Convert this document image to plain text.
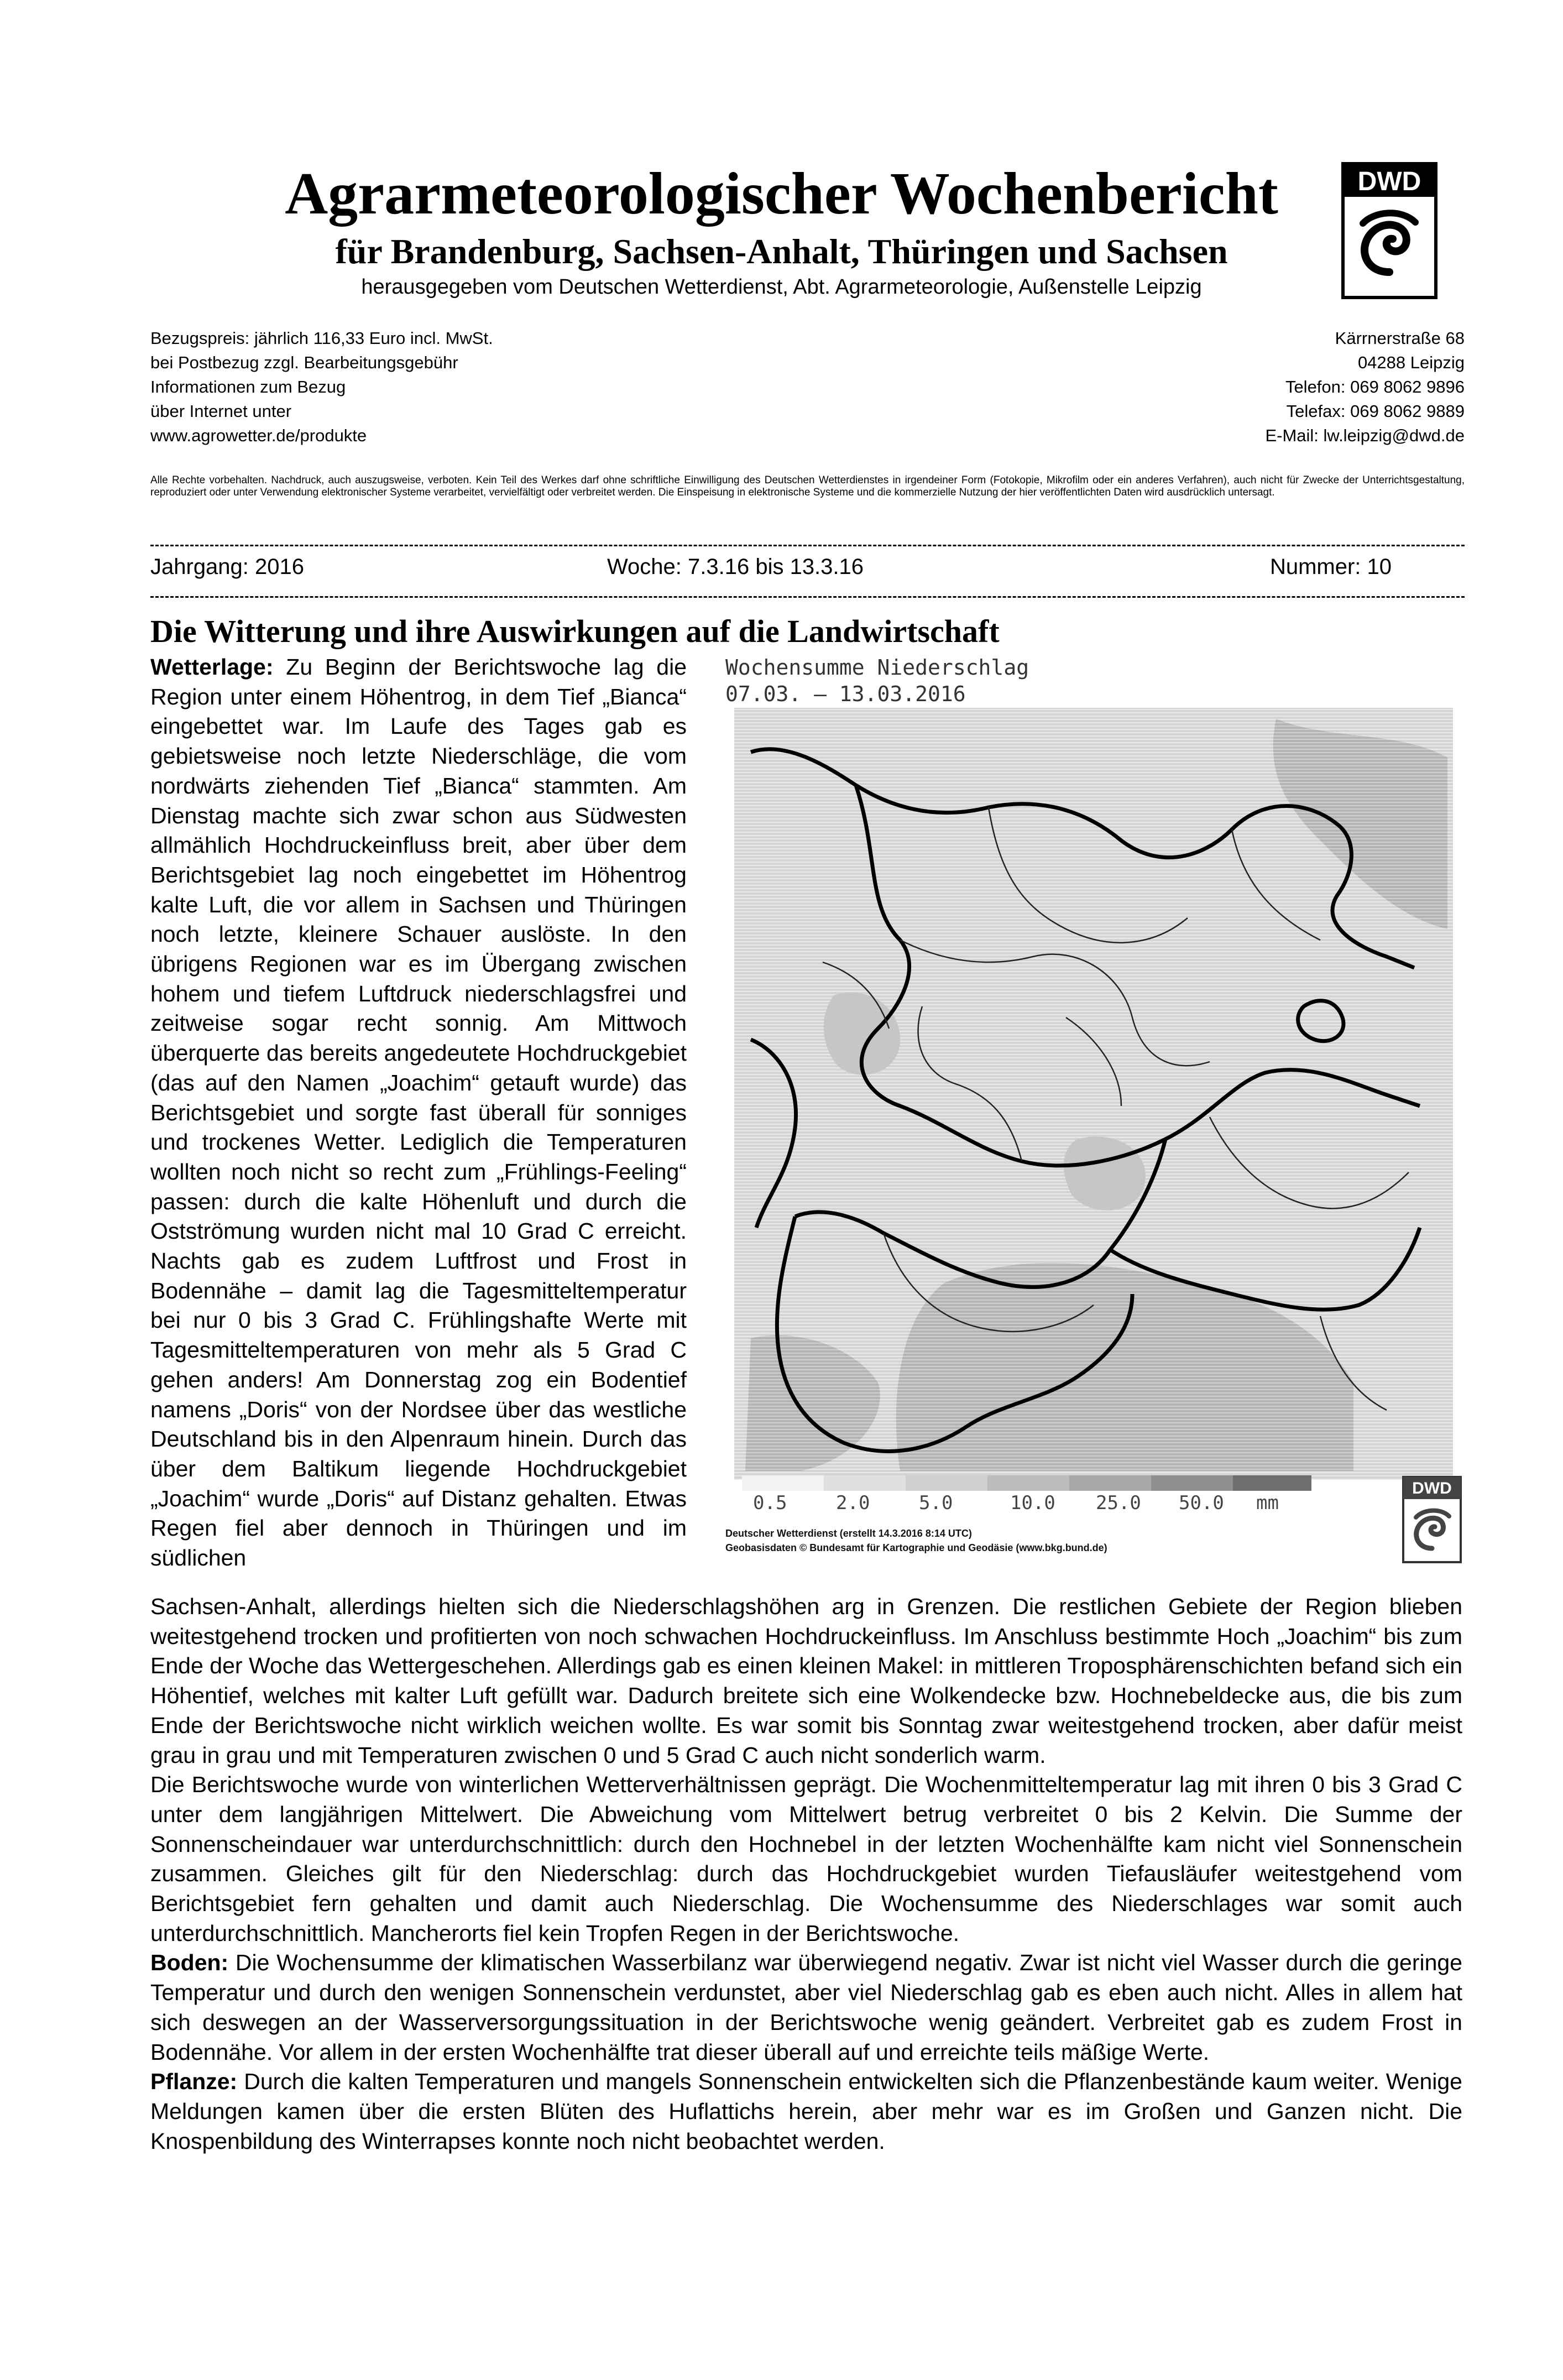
Agrarmeteorologischer Wochenbericht
für Brandenburg, Sachsen-Anhalt, Thüringen und Sachsen
herausgegeben vom Deutschen Wetterdienst, Abt. Agrarmeteorologie, Außenstelle Leipzig
DWD
Bezugspreis: jährlich 116,33 Euro incl. MwSt.
bei Postbezug zzgl. Bearbeitungsgebühr
Informationen zum Bezug
über Internet unter
www.agrowetter.de/produkte
Kärrnerstraße 68
04288 Leipzig
Telefon: 069 8062 9896
Telefax: 069 8062 9889
E-Mail: lw.leipzig@dwd.de
Alle Rechte vorbehalten. Nachdruck, auch auszugsweise, verboten. Kein Teil des Werkes darf ohne schriftliche Einwilligung des Deutschen Wetterdienstes in irgendeiner Form (Fotokopie, Mikrofilm oder ein anderes Verfahren), auch nicht für Zwecke der Unterrichtsgestaltung, reproduziert oder unter Verwendung elektronischer Systeme verarbeitet, vervielfältigt oder verbreitet werden. Die Einspeisung in elektronische Systeme und die kommerzielle Nutzung der hier veröffentlichten Daten wird ausdrücklich untersagt.
Jahrgang: 2016	Woche: 7.3.16 bis 13.3.16	Nummer: 10
Die Witterung und ihre Auswirkungen auf die Landwirtschaft

Wetterlage: Zu Beginn der Berichtswoche lag die Region unter einem Höhentrog, in dem Tief „Bianca“ eingebettet war. Im Laufe des Tages gab es gebietsweise noch letzte Niederschläge, die vom nordwärts ziehenden Tief „Bianca“ stammten. Am Dienstag machte sich zwar schon aus Südwesten allmählich Hochdruckeinfluss breit, aber über dem Berichtsgebiet lag noch eingebettet im Höhentrog kalte Luft, die vor allem in Sachsen und Thüringen noch letzte, kleinere Schauer auslöste. In den übrigens Regionen war es im Übergang zwischen hohem und tiefem Luftdruck niederschlagsfrei und zeitweise sogar recht sonnig. Am Mittwoch überquerte das bereits angedeutete Hochdruckgebiet (das auf den Namen „Joachim“ getauft wurde) das Berichtsgebiet und sorgte fast überall für sonniges und trockenes Wetter. Lediglich die Temperaturen wollten noch nicht so recht zum „Frühlings-Feeling“ passen: durch die kalte Höhenluft und durch die Ostströmung wurden nicht mal 10 Grad C erreicht. Nachts gab es zudem Luftfrost und Frost in Bodennähe – damit lag die Tagesmitteltemperatur bei nur 0 bis 3 Grad C. Frühlingshafte Werte mit Tagesmitteltemperaturen von mehr als 5 Grad C gehen anders! Am Donnerstag zog ein Bodentief namens „Doris“ von der Nordsee über das westliche Deutschland bis in den Alpenraum hinein. Durch das über dem Baltikum liegende Hochdruckgebiet „Joachim“ wurde „Doris“ auf Distanz gehalten. Etwas Regen fiel aber dennoch in Thüringen und im südlichen

Wochensumme Niederschlag
07.03. – 13.03.2016
0.5	2.0	5.0	10.0 25.0 50.0 mm
Deutscher Wetterdienst (erstellt 14.3.2016 8:14 UTC)
Geobasisdaten © Bundesamt für Kartographie und Geodäsie (www.bkg.bund.de)
DWD

Sachsen-Anhalt, allerdings hielten sich die Niederschlagshöhen arg in Grenzen. Die restlichen Gebiete der Region blieben weitestgehend trocken und profitierten von noch schwachen Hochdruckeinfluss. Im Anschluss bestimmte Hoch „Joachim“ bis zum Ende der Woche das Wettergeschehen. Allerdings gab es einen kleinen Makel: in mittleren Troposphärenschichten befand sich ein Höhentief, welches mit kalter Luft gefüllt war. Dadurch breitete sich eine Wolkendecke bzw. Hochnebeldecke aus, die bis zum Ende der Berichtswoche nicht wirklich weichen wollte. Es war somit bis Sonntag zwar weitestgehend trocken, aber dafür meist grau in grau und mit Temperaturen zwischen 0 und 5 Grad C auch nicht sonderlich warm.

Die Berichtswoche wurde von winterlichen Wetterverhältnissen geprägt. Die Wochenmitteltemperatur lag mit ihren 0 bis 3 Grad C unter dem langjährigen Mittelwert. Die Abweichung vom Mittelwert betrug verbreitet 0 bis 2 Kelvin. Die Summe der Sonnenscheindauer war unterdurchschnittlich: durch den Hochnebel in der letzten Wochenhälfte kam nicht viel Sonnenschein zusammen. Gleiches gilt für den Niederschlag: durch das Hochdruckgebiet wurden Tiefausläufer weitestgehend vom Berichtsgebiet fern gehalten und damit auch Niederschlag. Die Wochensumme des Niederschlages war somit auch unterdurchschnittlich. Mancherorts fiel kein Tropfen Regen in der Berichtswoche.

Boden: Die Wochensumme der klimatischen Wasserbilanz war überwiegend negativ. Zwar ist nicht viel Wasser durch die geringe Temperatur und durch den wenigen Sonnenschein verdunstet, aber viel Niederschlag gab es eben auch nicht. Alles in allem hat sich deswegen an der Wasserversorgungssituation in der Berichtswoche wenig geändert. Verbreitet gab es zudem Frost in Bodennähe. Vor allem in der ersten Wochenhälfte trat dieser überall auf und erreichte teils mäßige Werte.

Pflanze: Durch die kalten Temperaturen und mangels Sonnenschein entwickelten sich die Pflanzenbestände kaum weiter. Wenige Meldungen kamen über die ersten Blüten des Huflattichs herein, aber mehr war es im Großen und Ganzen nicht. Die Knospenbildung des Winterrapses konnte noch nicht beobachtet werden.
